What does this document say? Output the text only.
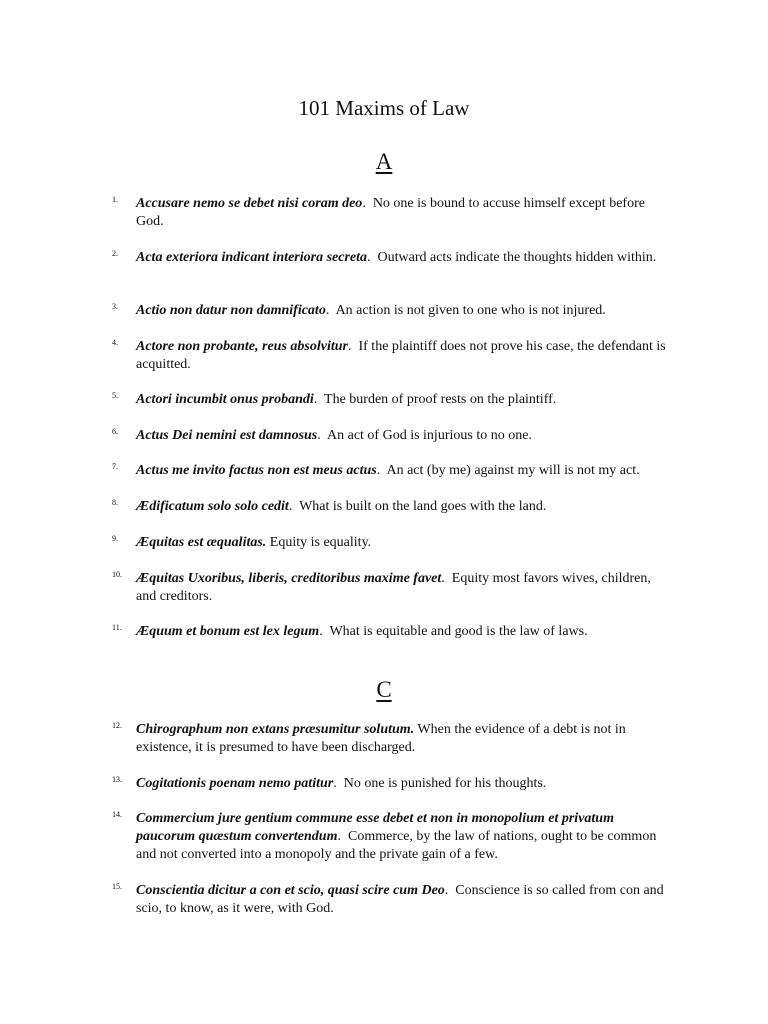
101 Maxims of Law
A
1. Accusare nemo se debet nisi coram deo.  No one is bound to accuse himself except before God.
2. Acta exteriora indicant interiora secreta.  Outward acts indicate the thoughts hidden within.
3. Actio non datur non damnificato.  An action is not given to one who is not injured.
4. Actore non probante, reus absolvitur.  If the plaintiff does not prove his case, the defendant is acquitted.
5. Actori incumbit onus probandi.  The burden of proof rests on the plaintiff.
6. Actus Dei nemini est damnosus.  An act of God is injurious to no one.
7. Actus me invito factus non est meus actus.  An act (by me) against my will is not my act.
8. Ædificatum solo solo cedit.  What is built on the land goes with the land.
9. Æquitas est æqualitas. Equity is equality.
10. Æquitas Uxoribus, liberis, creditoribus maxime favet.  Equity most favors wives, children, and creditors.
11. Æquum et bonum est lex legum.  What is equitable and good is the law of laws.
C
12. Chirographum non extans præsumitur solutum. When the evidence of a debt is not in existence, it is presumed to have been discharged.
13. Cogitationis poenam nemo patitur.  No one is punished for his thoughts.
14. Commercium jure gentium commune esse debet et non in monopolium et privatum paucorum quæstum convertendum.  Commerce, by the law of nations, ought to be common and not converted into a monopoly and the private gain of a few.
15. Conscientia dicitur a con et scio, quasi scire cum Deo.  Conscience is so called from con and scio, to know, as it were, with God.
